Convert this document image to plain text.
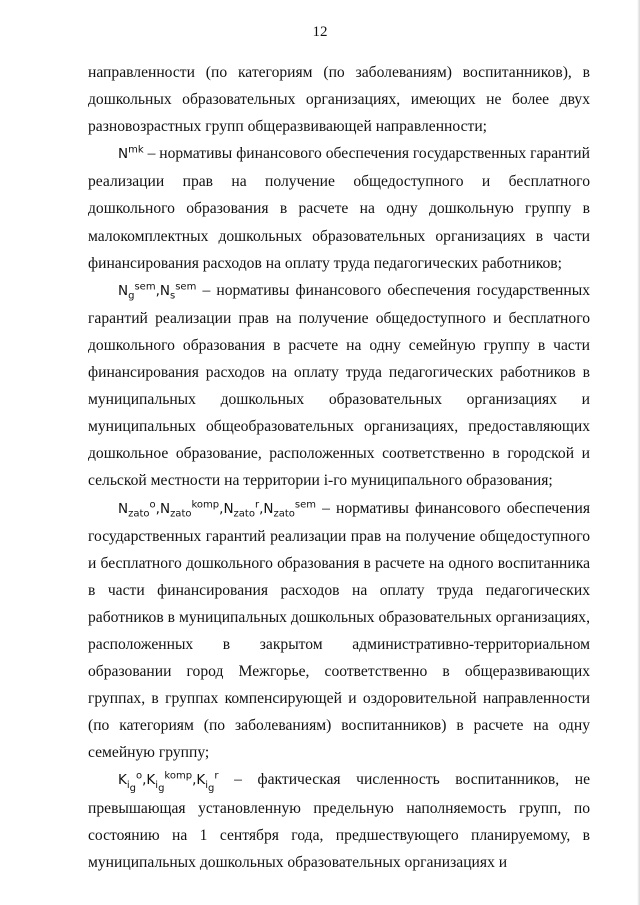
12

направленности (по категориям (по заболеваниям) воспитанников), в дошкольных образовательных организациях, имеющих не более двух разновозрастных групп общеразвивающей направленности;

$N^{mk}$ – нормативы финансового обеспечения государственных гарантий реализации прав на получение общедоступного и бесплатного дошкольного образования в расчете на одну дошкольную группу в малокомплектных дошкольных образовательных организациях в части финансирования расходов на оплату труда педагогических работников;

$N_g^{sem},N_s^{sem}$ – нормативы финансового обеспечения государственных гарантий реализации прав на получение общедоступного и бесплатного дошкольного образования в расчете на одну семейную группу в части финансирования расходов на оплату труда педагогических работников в муниципальных дошкольных образовательных организациях и муниципальных общеобразовательных организациях, предоставляющих дошкольное образование, расположенных соответственно в городской и сельской местности на территории i-го муниципального образования;

$N_{zato}^o,N_{zato}^{komp},N_{zato}^r,N_{zato}^{sem}$ – нормативы финансового обеспечения государственных гарантий реализации прав на получение общедоступного и бесплатного дошкольного образования в расчете на одного воспитанника в части финансирования расходов на оплату труда педагогических работников в муниципальных дошкольных образовательных организациях, расположенных в закрытом административно-территориальном образовании город Межгорье, соответственно в общеразвивающих группах, в группах компенсирующей и оздоровительной направленности (по категориям (по заболеваниям) воспитанников) в расчете на одну семейную группу;

$K_{i_g}^o,K_{i_g}^{komp},K_{i_g}^r$ – фактическая численность воспитанников, не превышающая установленную предельную наполняемость групп, по состоянию на 1 сентября года, предшествующего планируемому, в муниципальных дошкольных образовательных организациях и
